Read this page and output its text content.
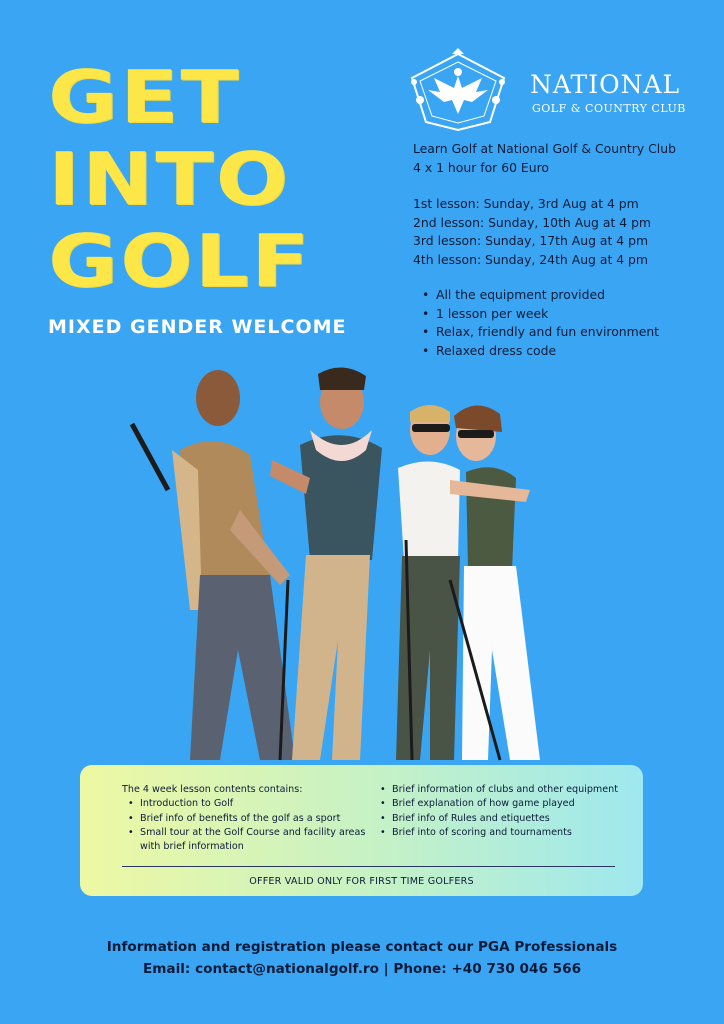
GET
INTO
GOLF
MIXED GENDER WELCOME
NATIONAL
GOLF & COUNTRY CLUB
Learn Golf at National Golf & Country Club
4 x 1 hour for 60 Euro
1st lesson: Sunday, 3rd Aug at 4 pm
2nd lesson: Sunday, 10th Aug at 4 pm
3rd lesson: Sunday, 17th Aug at 4 pm
4th lesson: Sunday, 24th Aug at 4 pm
• All the equipment provided
• 1 lesson per week
• Relax, friendly and fun environment
• Relaxed dress code
The 4 week lesson contents contains:
• Introduction to Golf
• Brief info of benefits of the golf as a sport
• Small tour at the Golf Course and facility areas with brief information
• Brief information of clubs and other equipment
• Brief explanation of how game played
• Brief info of Rules and etiquettes
• Brief into of scoring and tournaments
OFFER VALID ONLY FOR FIRST TIME GOLFERS
Information and registration please contact our PGA Professionals
Email: contact@nationalgolf.ro | Phone: +40 730 046 566
